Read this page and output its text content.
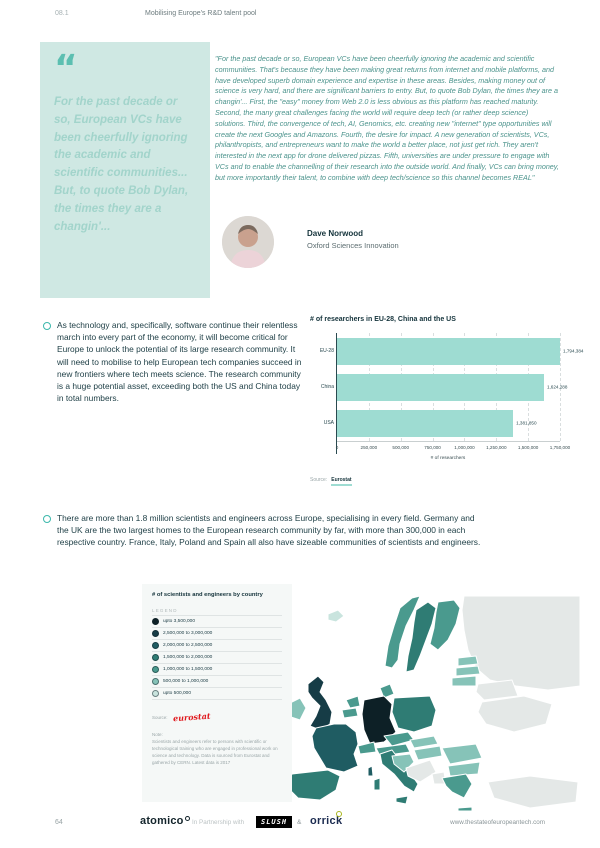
08.1	Mobilising Europe's R&D talent pool
“
For the past decade or so, European VCs have been cheerfully ignoring the academic and scientific communities... But, to quote Bob Dylan, the times they are a changin'...
"For the past decade or so, European VCs have been cheerfully ignoring the academic and scientific communities. That's because they have been making great returns from internet and mobile platforms, and have developed superb domain experience and expertise in these areas. Besides, making money out of science is very hard, and there are significant barriers to entry. But, to quote Bob Dylan, the times they are a changin'... First, the "easy" money from Web 2.0 is less obvious as this platform has reached maturity. Second, the many great challenges facing the world will require deep tech (or rather deep science) solutions. Third, the convergence of tech, AI, Genomics, etc. creating new "internet" type opportunities will create the next Googles and Amazons. Fourth, the desire for impact. A new generation of scientists, VCs, philanthropists, and entrepreneurs want to make the world a better place, not just get rich. They aren't interested in the next app for drone delivered pizzas. Fifth, universities are under pressure to engage with VCs and to enable the channelling of their research into the outside world. And finally, VCs can bring money, but more importantly their talent, to combine with deep tech/science so this channel becomes REAL"
Dave Norwood
Oxford Sciences Innovation
As technology and, specifically, software continue their relentless march into every part of the economy, it will become critical for Europe to unlock the potential of its large research community. It will need to mobilise to help European tech companies succeed in new frontiers where tech meets science. The research community is a huge potential asset, exceeding both the US and China today in total numbers.
# of researchers in EU-28, China and the US
EU-28	1,794,384
China	1,624,288
USA	1,381,850
0	250,000	500,000	750,000	1,000,000 1,250,000 1,500,000 1,750,000
# of researchers
Source: Eurostat
There are more than 1.8 million scientists and engineers across Europe, specialising in every field. Germany and the UK are the two largest homes to the European research community by far, with more than 300,000 in each respective country. France, Italy, Poland and Spain all also have sizeable communities of scientists and engineers.
# of scientists and engineers by country
LEGEND
upto 3,500,000
2,500,000 to 3,000,000
2,000,000 to 2,500,000
1,500,000 to 2,000,000
1,000,000 to 1,500,000
500,000 to 1,000,000
upto 500,000
Source: eurostat
Note:
Scientists and engineers refer to persons with scientific or technological training who are engaged in professional work on science and technology. Data is sourced from Eurostat and gathered by CERN. Latest data is 2017
64	atomico	In Partnership with	SLUSH	& orrick	www.thestateofeuropeantech.com
